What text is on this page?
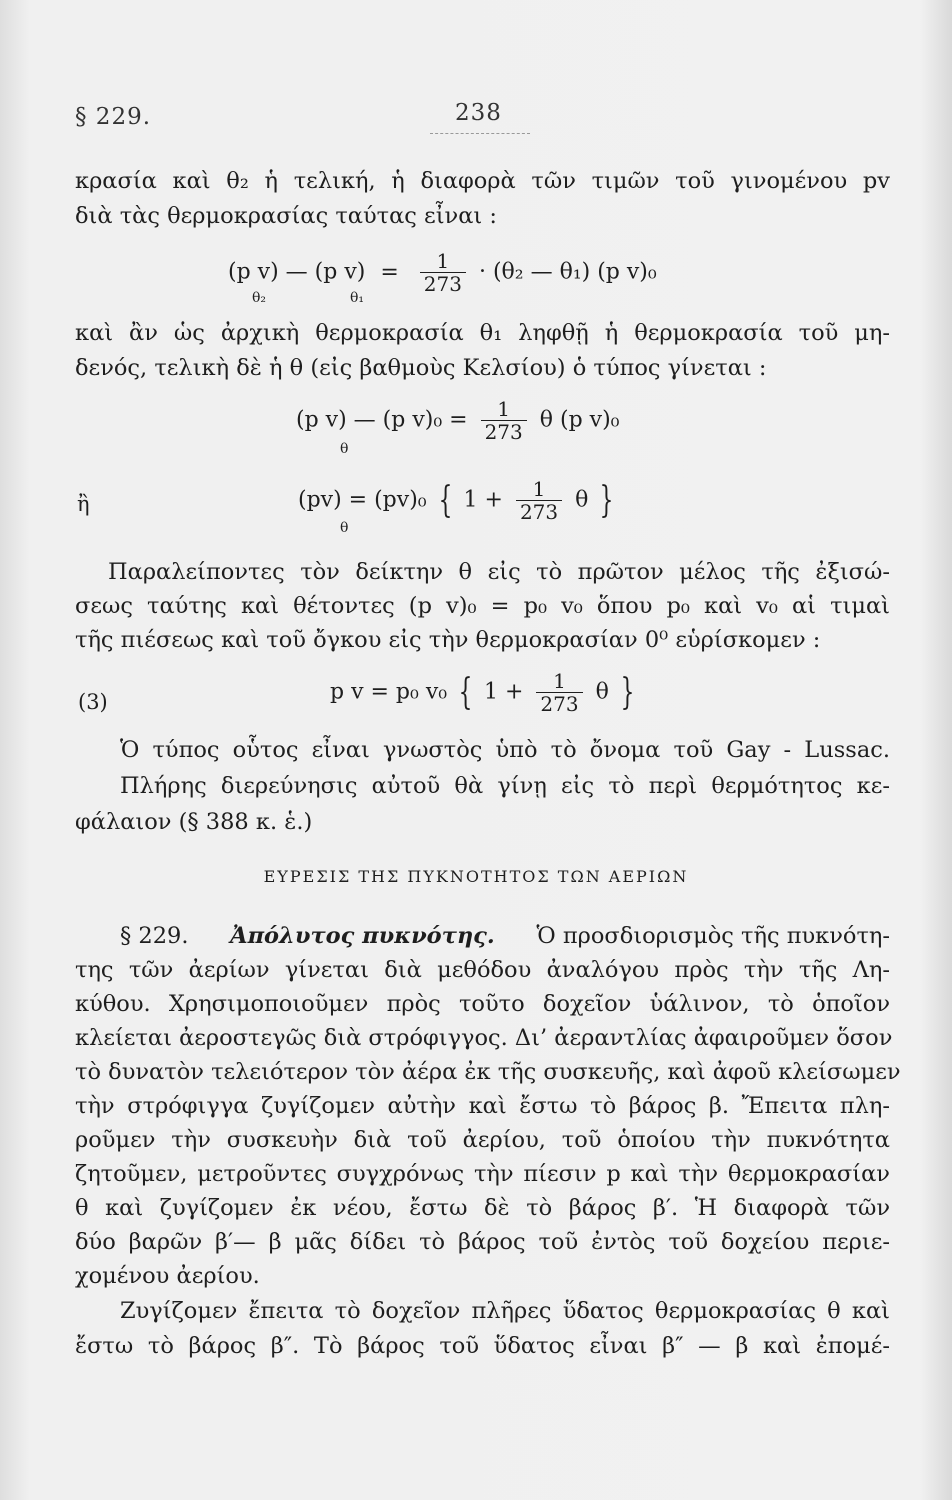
§ 229.	238
κρασία καὶ θ₂ ἡ τελική, ἡ διαφορὰ τῶν τιμῶν τοῦ γινομένου pv
διὰ τὰς θερμοκρασίας ταύτας εἶναι :
(p v) — (p $v) = \frac{1}{273} \cdot (\theta_2$ — θ₁) (p v)₀
θ₂	θ₁
καὶ ἂν ὡς ἀρχικὴ θερμοκρασία θ₁ ληφθῇ ἡ θερμοκρασία τοῦ μη-
δενός, τελικὴ δὲ ἡ θ (εἰς βαθμοὺς Κελσίου) ὁ τύπος γίνεται :
(p v) — (p $v)_0 = \frac{1}{273}$ θ (p v)₀
θ
ἢ	(pv) = (pv)₀ { $1 + \frac{1}{273}$ θ }
θ
Παραλείποντες τὸν δείκτην θ εἰς τὸ πρῶτον μέλος τῆς ἐξισώ-
σεως ταύτης καὶ θέτοντες (p v)₀ = p₀ v₀ ὅπου p₀ καὶ v₀ αἱ τιμαὶ
τῆς πιέσεως καὶ τοῦ ὄγκου εἰς τὴν θερμοκρασίαν 0⁰ εὑρίσκομεν :
(3)	p v = p₀ v₀ { $1 + \frac{1}{273}$ θ }
Ὁ τύπος οὗτος εἶναι γνωστὸς ὑπὸ τὸ ὄνομα τοῦ Gay - Lussac.
Πλήρης διερεύνησις αὐτοῦ θὰ γίνῃ εἰς τὸ περὶ θερμότητος κε-
φάλαιον (§ 388 κ. ἑ.)
ΕΥΡΕΣΙΣ ΤΗΣ ΠΥΚΝΟΤΗΤΟΣ ΤΩΝ ΑΕΡΙΩΝ
§ 229. Ἀπόλυτος πυκνότης. Ὁ προσδιορισμὸς τῆς πυκνότη-
της τῶν ἀερίων γίνεται διὰ μεθόδου ἀναλόγου πρὸς τὴν τῆς Λη-
κύθου. Χρησιμοποιοῦμεν πρὸς τοῦτο δοχεῖον ὑάλινον, τὸ ὁποῖον
κλείεται ἀεροστεγῶς διὰ στρόφιγγος. Δι’ ἀεραντλίας ἀφαιροῦμεν ὅσον
τὸ δυνατὸν τελειότερον τὸν ἀέρα ἐκ τῆς συσκευῆς, καὶ ἀφοῦ κλείσωμεν
τὴν στρόφιγγα ζυγίζομεν αὐτὴν καὶ ἔστω τὸ βάρος β. Ἔπειτα πλη-
ροῦμεν τὴν συσκευὴν διὰ τοῦ ἀερίου, τοῦ ὁποίου τὴν πυκνότητα
ζητοῦμεν, μετροῦντες συγχρόνως τὴν πίεσιν p καὶ τὴν θερμοκρασίαν
θ καὶ ζυγίζομεν ἐκ νέου, ἔστω δὲ τὸ βάρος β′. Ἡ διαφορὰ τῶν
δύο βαρῶν β′— β μᾶς δίδει τὸ βάρος τοῦ ἐντὸς τοῦ δοχείου περιε-
χομένου ἀερίου.
Ζυγίζομεν ἔπειτα τὸ δοχεῖον πλῆρες ὕδατος θερμοκρασίας θ καὶ
ἔστω τὸ βάρος β″. Τὸ βάρος τοῦ ὕδατος εἶναι β″ — β καὶ ἐπομέ-
